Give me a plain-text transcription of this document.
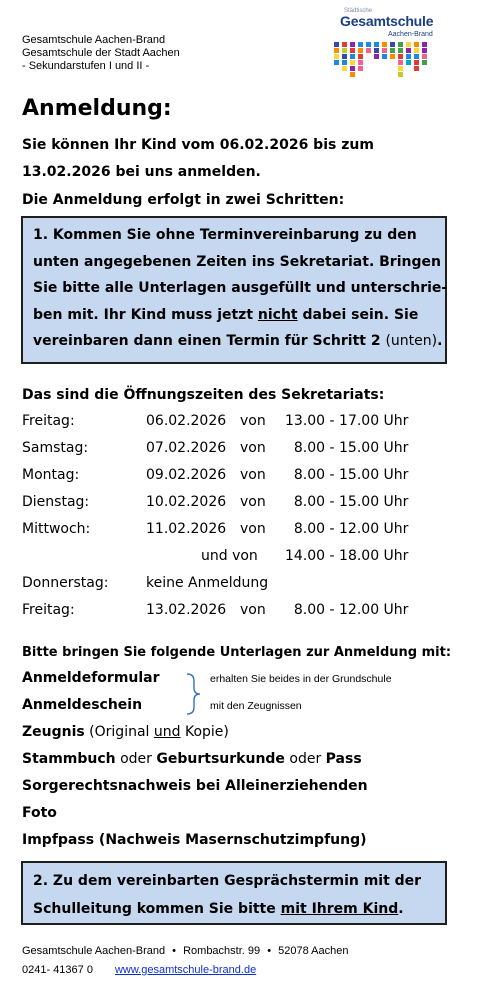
Gesamtschule Aachen-Brand
Gesamtschule der Stadt Aachen
- Sekundarstufen I und II -
Städtische
Gesamtschule
Aachen-Brand
Anmeldung:
Sie können Ihr Kind vom 06.02.2026 bis zum
13.02.2026 bei uns anmelden.
Die Anmeldung erfolgt in zwei Schritten:
1. Kommen Sie ohne Terminvereinbarung zu den
unten angegebenen Zeiten ins Sekretariat. Bringen
Sie bitte alle Unterlagen ausgefüllt und unterschrie-
ben mit. Ihr Kind muss jetzt nicht dabei sein. Sie
vereinbaren dann einen Termin für Schritt 2 (unten).
Das sind die Öffnungszeiten des Sekretariats:
Freitag:	06.02.2026 von 13.00 - 17.00 Uhr
Samstag:	07.02.2026 von 8.00 - 15.00 Uhr
Montag:	09.02.2026 von 8.00 - 15.00 Uhr
Dienstag:	10.02.2026 von 8.00 - 15.00 Uhr
Mittwoch:	11.02.2026 von 8.00 - 12.00 Uhr
und von 14.00 - 18.00 Uhr
Donnerstag:	keine Anmeldung
Freitag:	13.02.2026 von 8.00 - 12.00 Uhr
Bitte bringen Sie folgende Unterlagen zur Anmeldung mit:
Anmeldeformular
Anmeldeschein
erhalten Sie beides in der Grundschule
mit den Zeugnissen
Zeugnis (Original und Kopie)
Stammbuch oder Geburtsurkunde oder Pass
Sorgerechtsnachweis bei Alleinerziehenden
Foto
Impfpass (Nachweis Masernschutzimpfung)
2. Zu dem vereinbarten Gesprächstermin mit der
Schulleitung kommen Sie bitte mit Ihrem Kind.
Gesamtschule Aachen-Brand • Rombachstr. 99 • 52078 Aachen
0241- 41367 0 www.gesamtschule-brand.de
